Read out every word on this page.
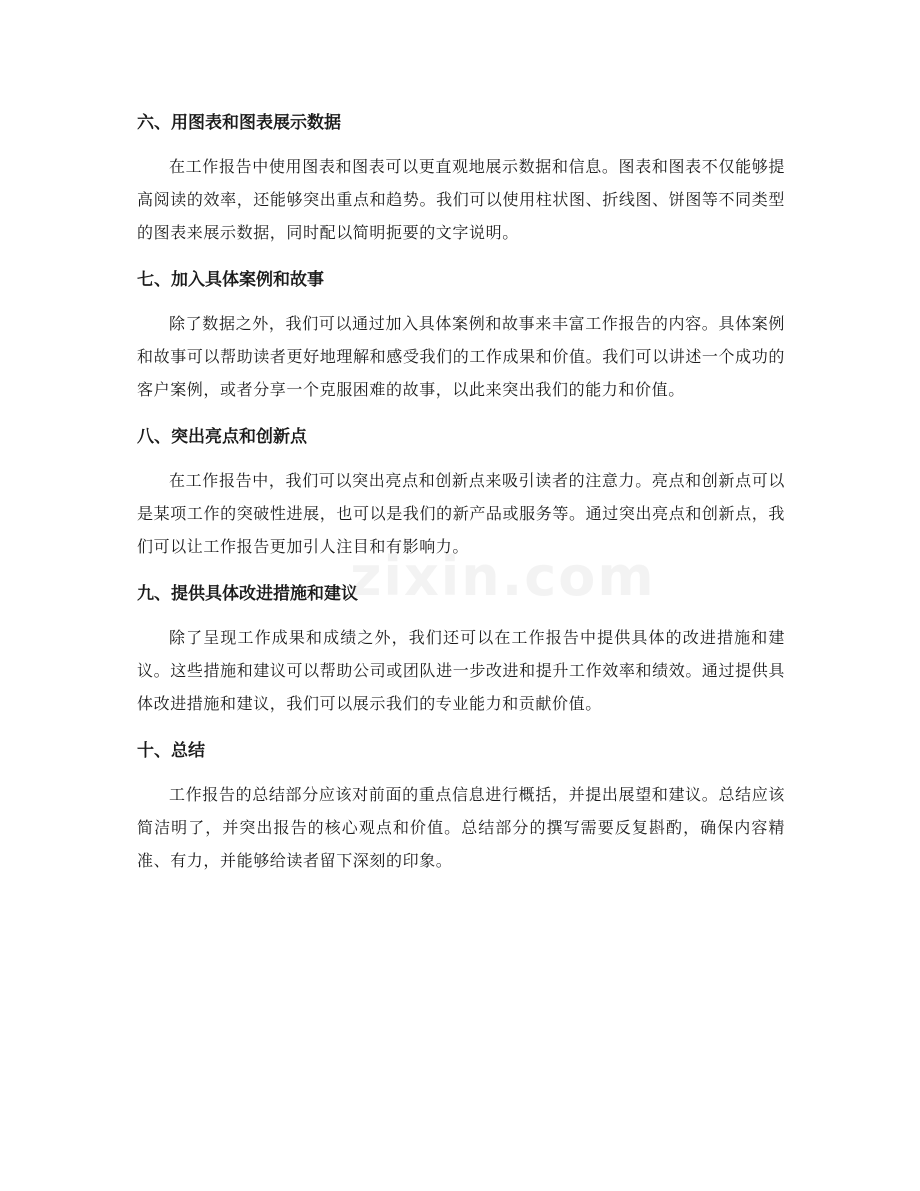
六、用图表和图表展示数据

在工作报告中使用图表和图表可以更直观地展示数据和信息。图表和图表不仅能够提高阅读的效率，还能够突出重点和趋势。我们可以使用柱状图、折线图、饼图等不同类型的图表来展示数据，同时配以简明扼要的文字说明。

七、加入具体案例和故事

除了数据之外，我们可以通过加入具体案例和故事来丰富工作报告的内容。具体案例和故事可以帮助读者更好地理解和感受我们的工作成果和价值。我们可以讲述一个成功的客户案例，或者分享一个克服困难的故事，以此来突出我们的能力和价值。

八、突出亮点和创新点

在工作报告中，我们可以突出亮点和创新点来吸引读者的注意力。亮点和创新点可以是某项工作的突破性进展，也可以是我们的新产品或服务等。通过突出亮点和创新点，我们可以让工作报告更加引人注目和有影响力。

九、提供具体改进措施和建议

除了呈现工作成果和成绩之外，我们还可以在工作报告中提供具体的改进措施和建议。这些措施和建议可以帮助公司或团队进一步改进和提升工作效率和绩效。通过提供具体改进措施和建议，我们可以展示我们的专业能力和贡献价值。

十、总结

工作报告的总结部分应该对前面的重点信息进行概括，并提出展望和建议。总结应该简洁明了，并突出报告的核心观点和价值。总结部分的撰写需要反复斟酌，确保内容精准、有力，并能够给读者留下深刻的印象。

zixin.com
